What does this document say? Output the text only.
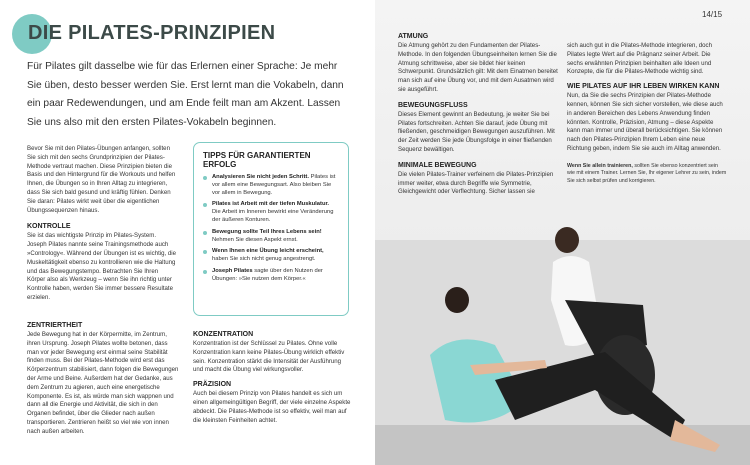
DIE PILATES-PRINZIPIEN

Für Pilates gilt dasselbe wie für das Erlernen einer Sprache: Je mehr Sie üben, desto besser werden Sie. Erst lernt man die Vokabeln, dann ein paar Redewendungen, und am Ende feilt man am Akzent. Lassen Sie uns also mit den ersten Pilates-Vokabeln beginnen.

Bevor Sie mit den Pilates-Übungen anfangen, sollten Sie sich mit den sechs Grundprinzipien der Pilates-Methode vertraut machen. Diese Prinzipien bieten die Basis und den Hintergrund für die Workouts und helfen Ihnen, die Übungen so in Ihren Alltag zu integrieren, dass Sie sich bald gesund und kräftig fühlen. Denken Sie daran: Pilates wirkt weit über die eigentlichen Übungssequenzen hinaus.

KONTROLLE

Sie ist das wichtigste Prinzip im Pilates-System. Joseph Pilates nannte seine Trainingsmethode auch »Contrology«. Während der Übungen ist es wichtig, die Muskeltätigkeit ebenso zu kontrollieren wie die Haltung und das Bewegungstempo. Betrachten Sie Ihren Körper also als Werkzeug – wenn Sie ihn richtig unter Kontrolle haben, werden Sie immer bessere Resultate erzielen.

ZENTRIERTHEIT

Jede Bewegung hat in der Körpermitte, im Zentrum, ihren Ursprung. Joseph Pilates wollte betonen, dass man vor jeder Bewegung erst einmal seine Stabilität finden muss. Bei der Pilates-Methode wird erst das Körperzentrum stabilisiert, dann folgen die Bewegungen der Arme und Beine. Außerdem hat der Gedanke, aus dem Zentrum zu agieren, auch eine energetische Komponente. Es ist, als würde man sich wappnen und dann all die Energie und Aktivität, die sich in den Organen befindet, über die Glieder nach außen transportieren. Zentrieren heißt so viel wie von innen nach außen arbeiten.

TIPPS FÜR GARANTIERTEN ERFOLG
Analysieren Sie nicht jeden Schritt. Pilates ist vor allem eine Bewegungsart. Also bleiben Sie vor allem in Bewegung.
Pilates ist Arbeit mit der tiefen Muskulatur. Die Arbeit im Inneren bewirkt eine Veränderung der äußeren Konturen.
Bewegung sollte Teil Ihres Lebens sein! Nehmen Sie diesen Aspekt ernst.
Wenn Ihnen eine Übung leicht erscheint, haben Sie sich nicht genug angestrengt.
Joseph Pilates sagte über den Nutzen der Übungen: »Sie nutzen dem Körper.«
KONZENTRATION

Konzentration ist der Schlüssel zu Pilates. Ohne volle Konzentration kann keine Pilates-Übung wirklich effektiv sein. Konzentration stärkt die Intensität der Ausführung und macht die Übung viel wirkungsvoller.

PRÄZISION

Auch bei diesem Prinzip von Pilates handelt es sich um einen allgemeingültigen Begriff, der viele einzelne Aspekte abdeckt. Die Pilates-Methode ist so effektiv, weil man auf die kleinsten Feinheiten achtet.

14/15
ATMUNG

Die Atmung gehört zu den Fundamenten der Pilates-Methode. In den folgenden Übungseinheiten lernen Sie die Atmung schrittweise, aber sie bildet hier keinen Schwerpunkt. Grundsätzlich gilt: Mit dem Einatmen bereitet man sich auf eine Übung vor, und mit dem Ausatmen wird sie ausgeführt.

BEWEGUNGSFLUSS

Dieses Element gewinnt an Bedeutung, je weiter Sie bei Pilates fortschreiten. Achten Sie darauf, jede Übung mit fließenden, geschmeidigen Bewegungen auszuführen. Mit der Zeit werden Sie jede Übungsfolge in einer fließenden Sequenz bewältigen.

MINIMALE BEWEGUNG

Die vielen Pilates-Trainer verfeinern die Pilates-Prinzipien immer weiter, etwa durch Begriffe wie Symmetrie, Gleichgewicht oder Verflechtung. Sicher lassen sie

sich auch gut in die Pilates-Methode integrieren, doch Pilates legte Wert auf die Prägnanz seiner Arbeit. Die sechs erwähnten Prinzipien beinhalten alle Ideen und Konzepte, die für die Pilates-Methode wichtig sind.

WIE PILATES AUF IHR LEBEN WIRKEN KANN

Nun, da Sie die sechs Prinzipien der Pilates-Methode kennen, können Sie sich sicher vorstellen, wie diese auch in anderen Bereichen des Lebens Anwendung finden könnten. Kontrolle, Präzision, Atmung – diese Aspekte kann man immer und überall berücksichtigen. Sie können nach den Pilates-Prinzipien Ihrem Leben eine neue Richtung geben, indem Sie sie auch im Alltag anwenden.

Wenn Sie allein trainieren, sollten Sie ebenso konzentriert sein wie mit einem Trainer. Lernen Sie, Ihr eigener Lehrer zu sein, indem Sie sich selbst prüfen und korrigieren.
